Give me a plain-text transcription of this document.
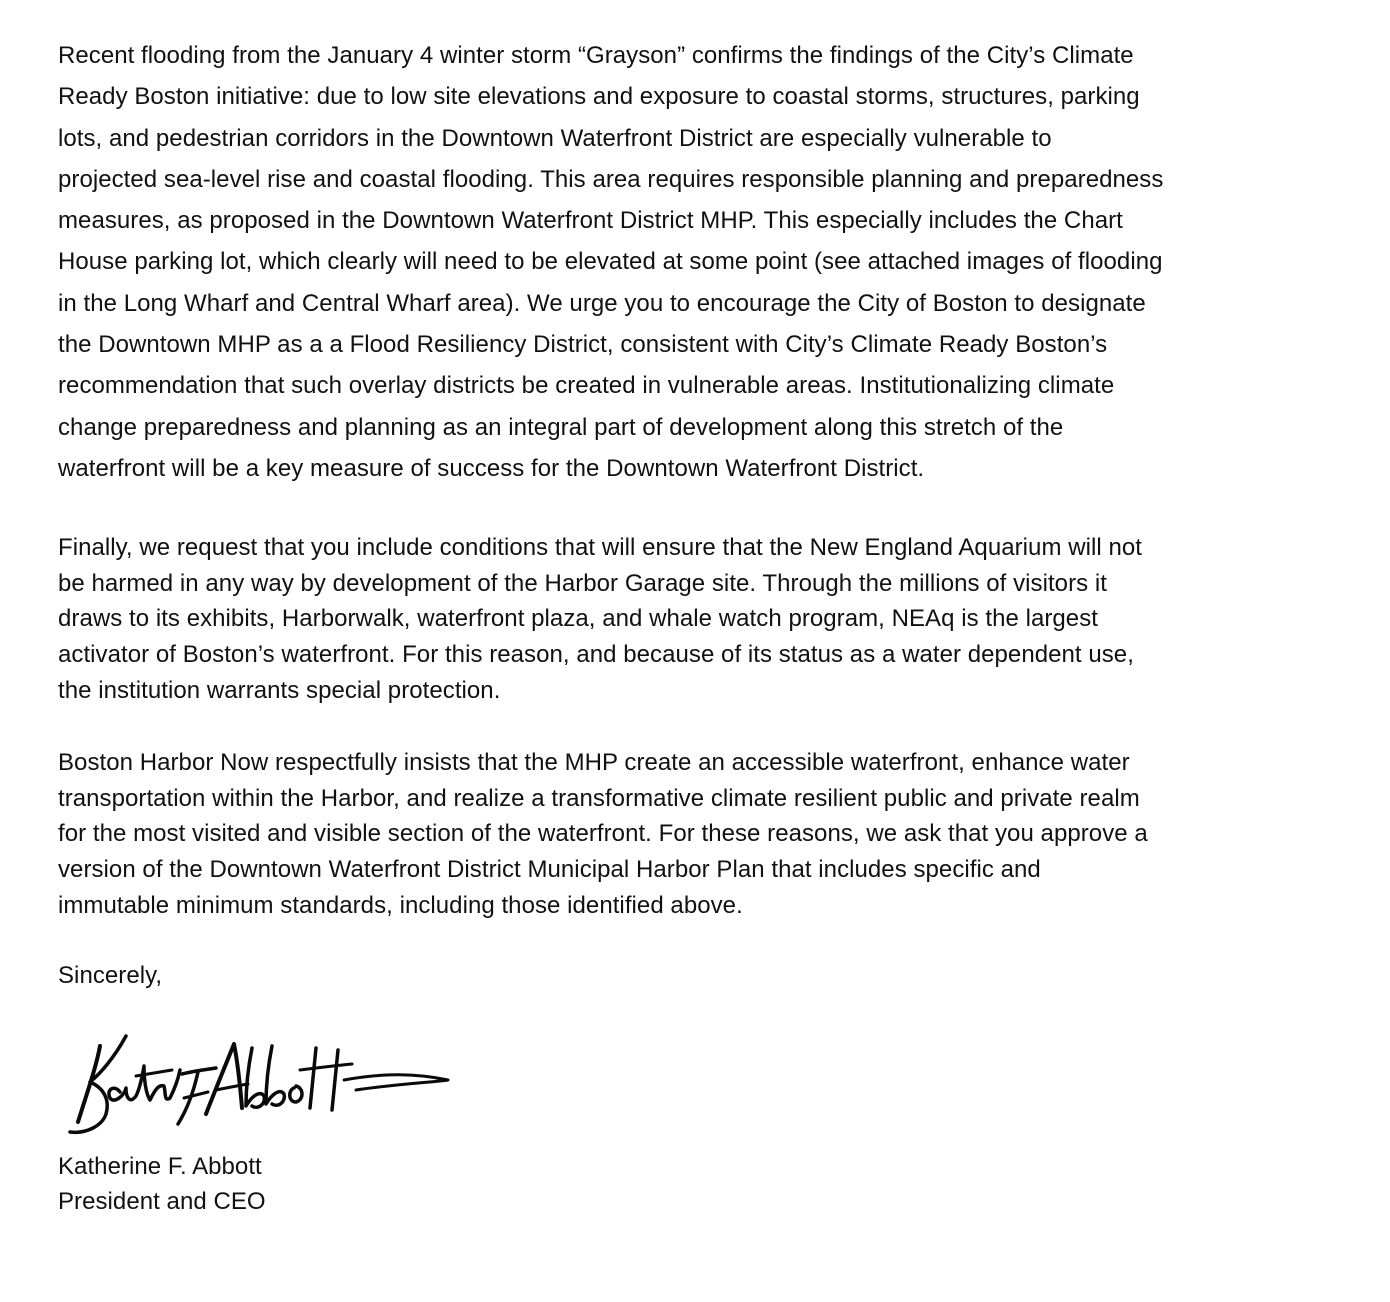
Recent flooding from the January 4 winter storm “Grayson” confirms the findings of the City’s Climate
Ready Boston initiative: due to low site elevations and exposure to coastal storms, structures, parking
lots, and pedestrian corridors in the Downtown Waterfront District are especially vulnerable to
projected sea-level rise and coastal flooding. This area requires responsible planning and preparedness
measures, as proposed in the Downtown Waterfront District MHP. This especially includes the Chart
House parking lot, which clearly will need to be elevated at some point (see attached images of flooding
in the Long Wharf and Central Wharf area). We urge you to encourage the City of Boston to designate
the Downtown MHP as a a Flood Resiliency District, consistent with City’s Climate Ready Boston’s
recommendation that such overlay districts be created in vulnerable areas. Institutionalizing climate
change preparedness and planning as an integral part of development along this stretch of the
waterfront will be a key measure of success for the Downtown Waterfront District.

Finally, we request that you include conditions that will ensure that the New England Aquarium will not
be harmed in any way by development of the Harbor Garage site. Through the millions of visitors it
draws to its exhibits, Harborwalk, waterfront plaza, and whale watch program, NEAq is the largest
activator of Boston’s waterfront. For this reason, and because of its status as a water dependent use,
the institution warrants special protection.

Boston Harbor Now respectfully insists that the MHP create an accessible waterfront, enhance water
transportation within the Harbor, and realize a transformative climate resilient public and private realm
for the most visited and visible section of the waterfront. For these reasons, we ask that you approve a
version of the Downtown Waterfront District Municipal Harbor Plan that includes specific and
immutable minimum standards, including those identified above.

Sincerely,

Katherine F. Abbott

President and CEO
